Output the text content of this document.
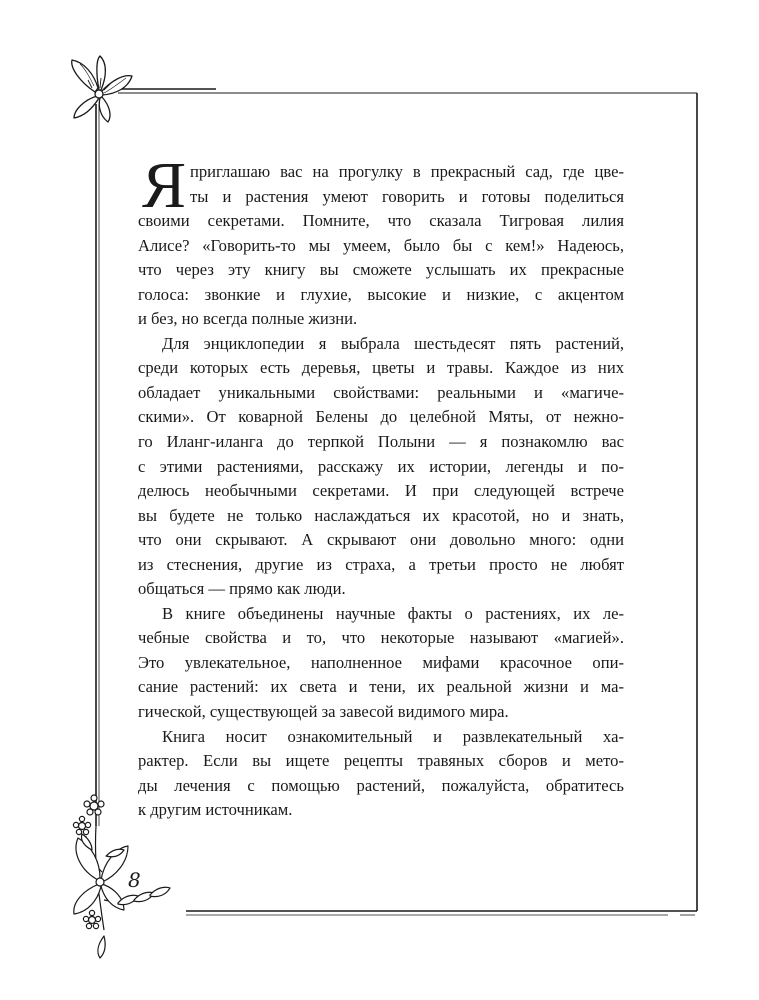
Я приглашаю вас на прогулку в прекрасный сад, где цве-
ты и растения умеют говорить и готовы поделиться
своими секретами. Помните, что сказала Тигровая лилия
Алисе? «Говорить-то мы умеем, было бы с кем!» Надеюсь,
что через эту книгу вы сможете услышать их прекрасные
голоса: звонкие и глухие, высокие и низкие, с акцентом
и без, но всегда полные жизни.
Для энциклопедии я выбрала шестьдесят пять растений,
среди которых есть деревья, цветы и травы. Каждое из них
обладает уникальными свойствами: реальными и «магиче-
скими». От коварной Белены до целебной Мяты, от нежно-
го Иланг-иланга до терпкой Полыни — я познакомлю вас
с этими растениями, расскажу их истории, легенды и по-
делюсь необычными секретами. И при следующей встрече
вы будете не только наслаждаться их красотой, но и знать,
что они скрывают. А скрывают они довольно много: одни
из стеснения, другие из страха, а третьи просто не любят
общаться — прямо как люди.
В книге объединены научные факты о растениях, их ле-
чебные свойства и то, что некоторые называют «магией».
Это увлекательное, наполненное мифами красочное опи-
сание растений: их света и тени, их реальной жизни и ма-
гической, существующей за завесой видимого мира.
Книга носит ознакомительный и развлекательный ха-
рактер. Если вы ищете рецепты травяных сборов и мето-
ды лечения с помощью растений, пожалуйста, обратитесь
к другим источникам.
8
